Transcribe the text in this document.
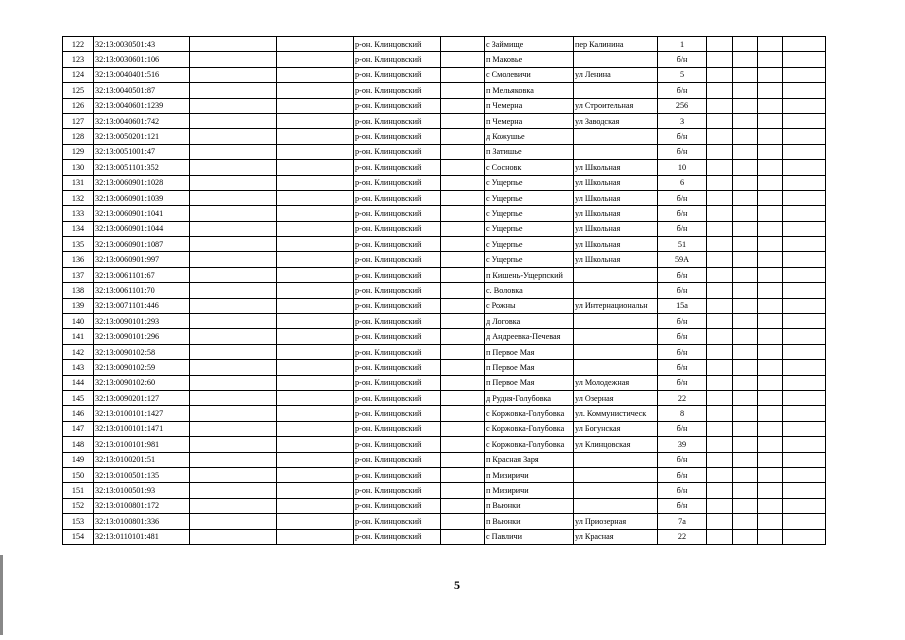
122	32:13:0030501:43			р-он. Клинцовский		с Займище	пер Калинина	1				
123	32:13:0030601:106			р-он. Клинцовский		п Маковье		б/н				
124	32:13:0040401:516			р-он. Клинцовский		с Смолевичи	ул Ленина	5				
125	32:13:0040501:87			р-он. Клинцовский		п Мельяковка		б/н				
126	32:13:0040601:1239			р-он. Клинцовский		п Чемерна	ул Строительная	256				
127	32:13:0040601:742			р-он. Клинцовский		п Чемерна	ул Заводская	3				
128	32:13:0050201:121			р-он. Клинцовский		д Кожушье		б/н				
129	32:13:0051001:47			р-он. Клинцовский		п Затишье		б/н				
130	32:13:0051101:352			р-он. Клинцовский		с Сосновк	ул Школьная	10				
131	32:13:0060901:1028			р-он. Клинцовский		с Ущерпье	ул Школьная	6				
132	32:13:0060901:1039			р-он. Клинцовский		с Ущерпье	ул Школьная	б/н				
133	32:13:0060901:1041			р-он. Клинцовский		с Ущерпье	ул Школьная	б/н				
134	32:13:0060901:1044			р-он. Клинцовский		с Ущерпье	ул Школьная	б/н				
135	32:13:0060901:1087			р-он. Клинцовский		с Ущерпье	ул Школьная	51				
136	32:13:0060901:997			р-он. Клинцовский		с Ущерпье	ул Школьная	59А				
137	32:13:0061101:67			р-он. Клинцовский		п Кишень-Ущерпский		б/н				
138	32:13:0061101:70			р-он. Клинцовский		с. Воловка		б/н				
139	32:13:0071101:446			р-он. Клинцовский		с Рожны	ул Интернациональн	15а				
140	32:13:0090101:293			р-он. Клинцовский		д Логовка		б/н				
141	32:13:0090101:296			р-он. Клинцовский		д Андреевка-Печевая		б/н				
142	32:13:0090102:58			р-он. Клинцовский		п Первое Мая		б/н				
143	32:13:0090102:59			р-он. Клинцовский		п Первое Мая		б/н				
144	32:13:0090102:60			р-он. Клинцовский		п Первое Мая	ул Молодежная	б/н				
145	32:13:0090201:127			р-он. Клинцовский		д Рудня-Голубовка	ул Озерная	22				
146	32:13:0100101:1427			р-он. Клинцовский		с Коржовка-Голубовка	ул. Коммунистическ	8				
147	32:13:0100101:1471			р-он. Клинцовский		с Коржовка-Голубовка	ул Богунская	б/н				
148	32:13:0100101:981			р-он. Клинцовский		с Коржовка-Голубовка	ул Клинцовская	39				
149	32:13:0100201:51			р-он. Клинцовский		п Красная Заря		б/н				
150	32:13:0100501:135			р-он. Клинцовский		п Мизиричи		б/н				
151	32:13:0100501:93			р-он. Клинцовский		п Мизиричи		б/н				
152	32:13:0100801:172			р-он. Клинцовский		п Вьюнки		б/н				
153	32:13:0100801:336			р-он. Клинцовский		п Вьюнки	ул Приозерная	7а				
154	32:13:0110101:481			р-он. Клинцовский		с Павличи	ул Красная	22				
5
